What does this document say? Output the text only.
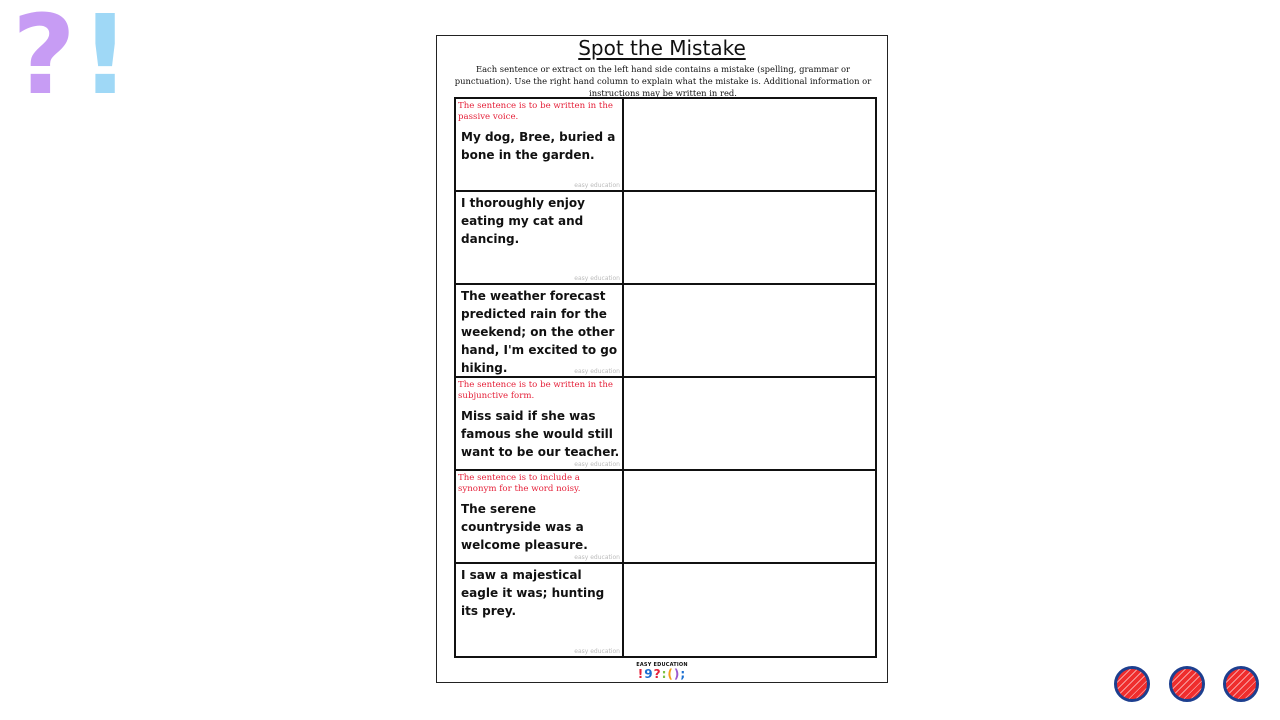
? !	Spot the Mistake
Each sentence or extract on the left hand side contains a mistake (spelling, grammar or punctuation). Use the right hand column to explain what the mistake is. Additional information or instructions may be written in red.
The sentence is to be written in the passive voice.
My dog, Bree, buried a bone in the garden.
easy education
I thoroughly enjoy eating my cat and dancing.
easy education
The weather forecast predicted rain for the weekend; on the other hand, I'm excited to go hiking.	easy education
The sentence is to be written in the subjunctive form.
Miss said if she was famous she would still want to be our teacher.
easy education
The sentence is to include a synonym for the word noisy.
The serene countryside was a welcome pleasure.
easy education
I saw a majestical eagle it was; hunting its prey.
easy education
EASY EDUCATION
!9?:();
